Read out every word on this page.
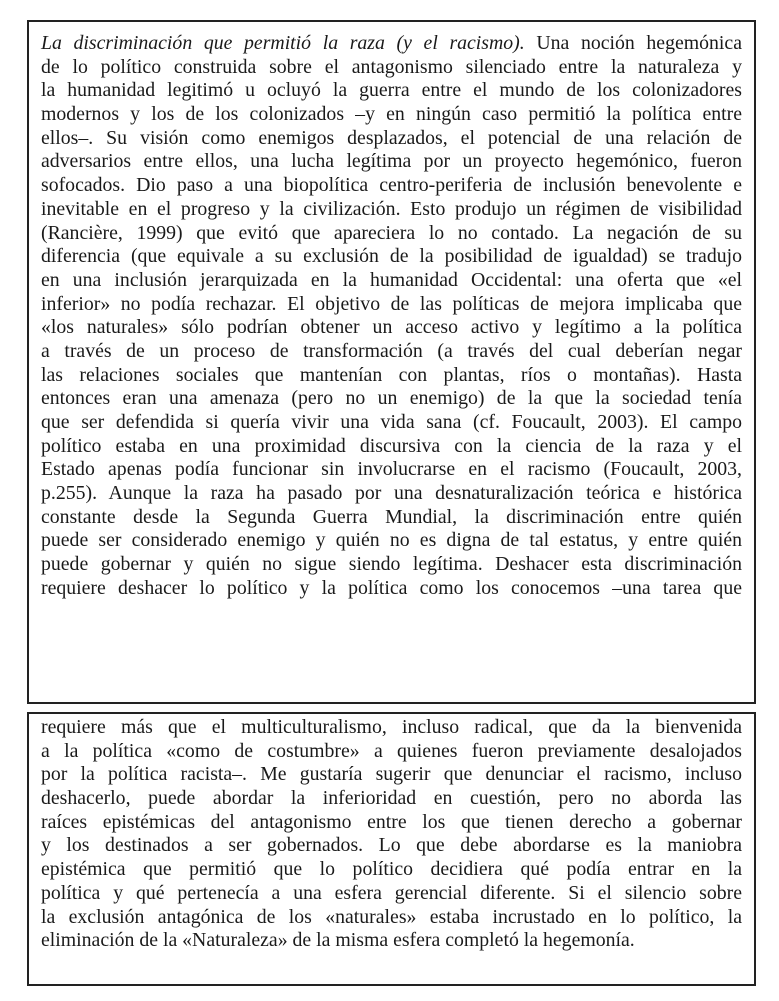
La discriminación que permitió la raza (y el racismo). Una noción hegemónica
de lo político construida sobre el antagonismo silenciado entre la naturaleza y
la humanidad legitimó u ocluyó la guerra entre el mundo de los colonizadores
modernos y los de los colonizados –y en ningún caso permitió la política entre
ellos–. Su visión como enemigos desplazados, el potencial de una relación de
adversarios entre ellos, una lucha legítima por un proyecto hegemónico, fueron
sofocados. Dio paso a una biopolítica centro-periferia de inclusión benevolente e
inevitable en el progreso y la civilización. Esto produjo un régimen de visibilidad
(Rancière, 1999) que evitó que apareciera lo no contado. La negación de su
diferencia (que equivale a su exclusión de la posibilidad de igualdad) se tradujo
en una inclusión jerarquizada en la humanidad Occidental: una oferta que «el
inferior» no podía rechazar. El objetivo de las políticas de mejora implicaba que
«los naturales» sólo podrían obtener un acceso activo y legítimo a la política
a través de un proceso de transformación (a través del cual deberían negar
las relaciones sociales que mantenían con plantas, ríos o montañas). Hasta
entonces eran una amenaza (pero no un enemigo) de la que la sociedad tenía
que ser defendida si quería vivir una vida sana (cf. Foucault, 2003). El campo
político estaba en una proximidad discursiva con la ciencia de la raza y el
Estado apenas podía funcionar sin involucrarse en el racismo (Foucault, 2003,
p.255). Aunque la raza ha pasado por una desnaturalización teórica e histórica
constante desde la Segunda Guerra Mundial, la discriminación entre quién
puede ser considerado enemigo y quién no es digna de tal estatus, y entre quién
puede gobernar y quién no sigue siendo legítima. Deshacer esta discriminación
requiere deshacer lo político y la política como los conocemos –una tarea que
requiere más que el multiculturalismo, incluso radical, que da la bienvenida
a la política «como de costumbre» a quienes fueron previamente desalojados
por la política racista–. Me gustaría sugerir que denunciar el racismo, incluso
deshacerlo, puede abordar la inferioridad en cuestión, pero no aborda las
raíces epistémicas del antagonismo entre los que tienen derecho a gobernar
y los destinados a ser gobernados. Lo que debe abordarse es la maniobra
epistémica que permitió que lo político decidiera qué podía entrar en la
política y qué pertenecía a una esfera gerencial diferente. Si el silencio sobre
la exclusión antagónica de los «naturales» estaba incrustado en lo político, la
eliminación de la «Naturaleza» de la misma esfera completó la hegemonía.
